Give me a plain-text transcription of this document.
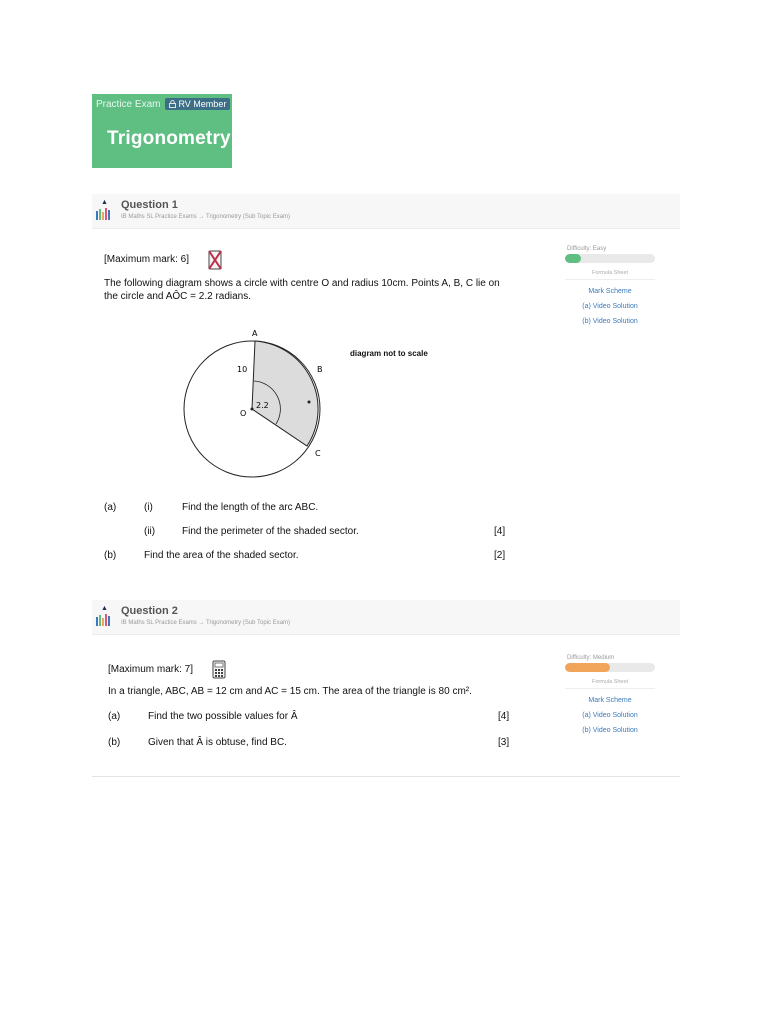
Practice Exam RV Member
Trigonometry
▲ Question 1
IB Maths SL Practice Exams → Trigonometry (Sub Topic Exam)
Difficulty: Easy
Formula Sheet
Mark Scheme
(a) Video Solution
(b) Video Solution
[Maximum mark: 6]
The following diagram shows a circle with centre O and radius 10cm. Points A, B, C lie on
the circle and AÔC = 2.2 radians.
A
B
C
O
10
2.2
diagram not to scale
(a)	(i)	Find the length of the arc ABC.
(ii)	Find the perimeter of the shaded sector.	[4]
(b)	Find the area of the shaded sector.	[2]
▲ Question 2
IB Maths SL Practice Exams → Trigonometry (Sub Topic Exam)
Difficulty: Medium
Formula Sheet
Mark Scheme
(a) Video Solution
(b) Video Solution
[Maximum mark: 7]
In a triangle, ABC, AB = 12 cm and AC = 15 cm. The area of the triangle is 80 cm².
(a)	Find the two possible values for Â	[4]
(b)	Given that Â is obtuse, find BC.	[3]
